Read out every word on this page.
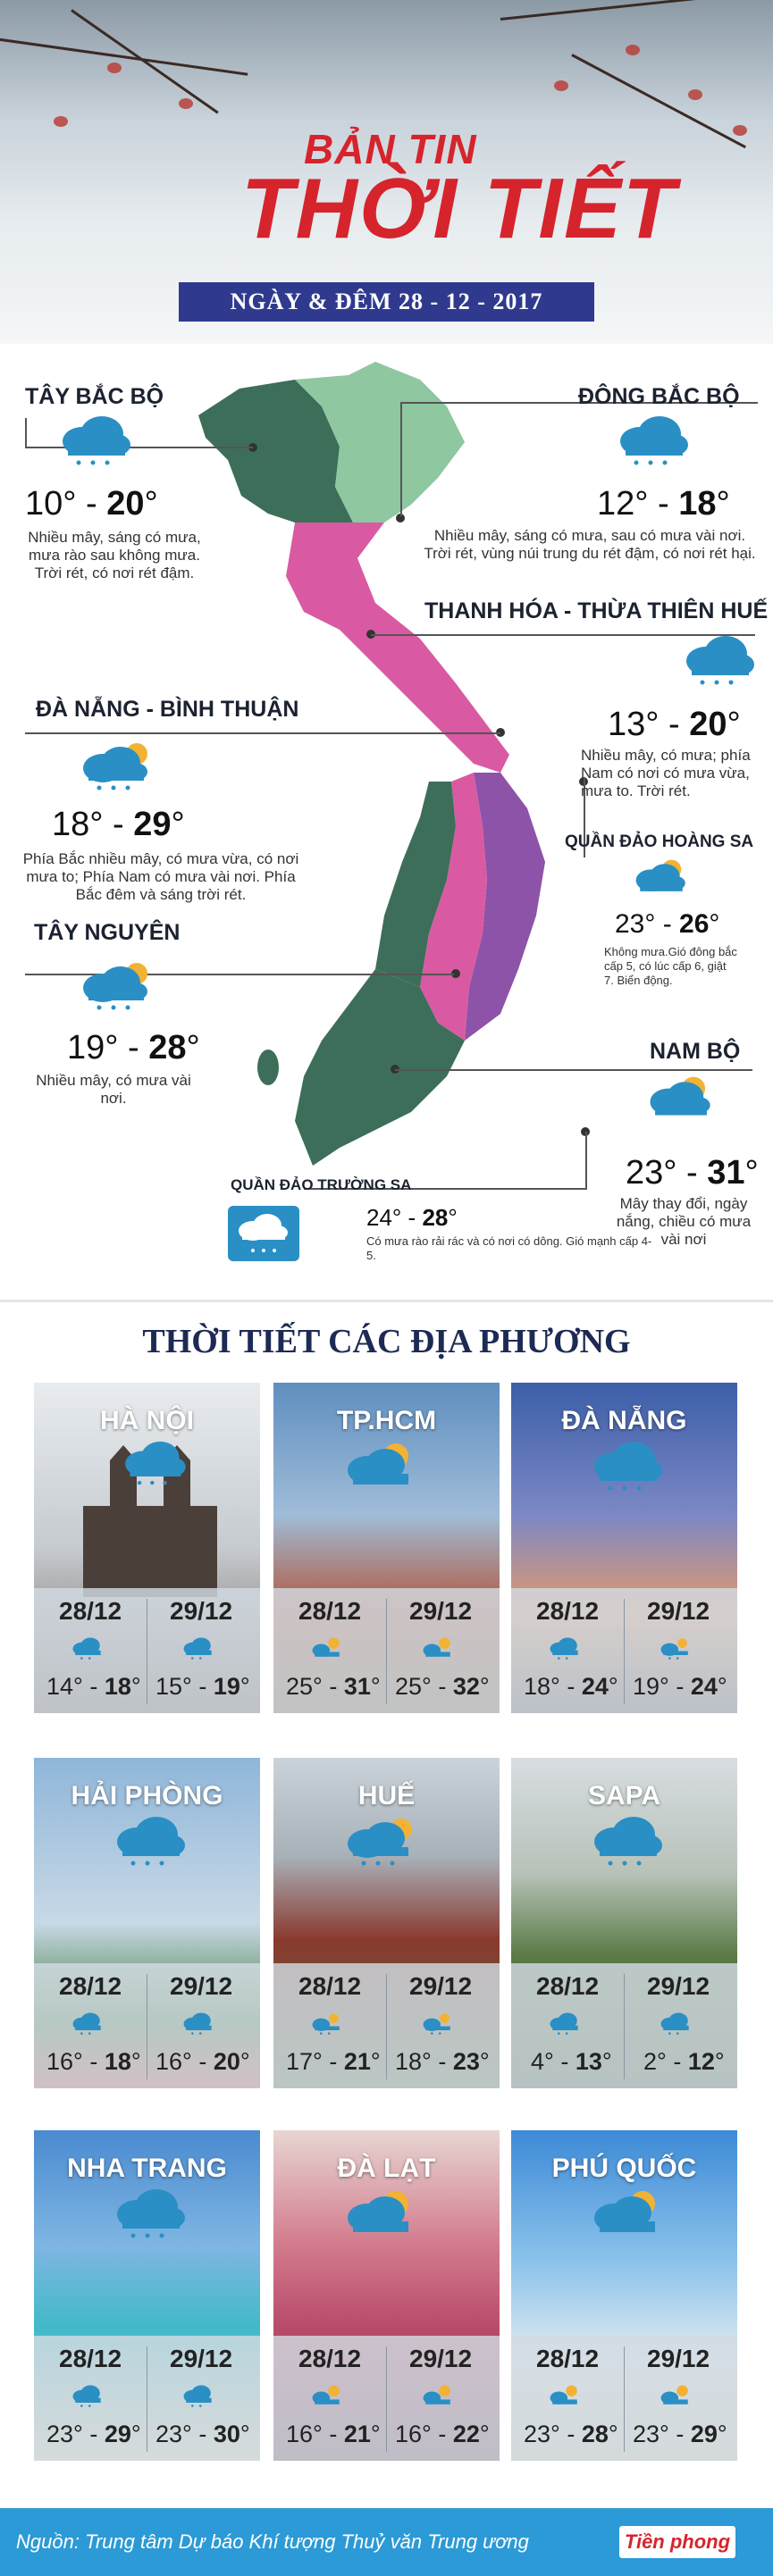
BẢN TIN
THỜI TIẾT
NGÀY & ĐÊM 28 - 12 - 2017
TÂY BẮC BỘ
10° - 20°
Nhiều mây, sáng có mưa, mưa rào sau không mưa. Trời rét, có nơi rét đậm.
ĐÔNG BẮC BỘ
12° - 18°
Nhiều mây, sáng có mưa, sau có mưa vài nơi. Trời rét, vùng núi trung du rét đậm, có nơi rét hại.
THANH HÓA - THỪA THIÊN HUẾ
13° - 20°
Nhiều mây, có mưa; phía Nam có nơi có mưa vừa, mưa to. Trời rét.
ĐÀ NẴNG - BÌNH THUẬN
18° - 29°
Phía Bắc nhiều mây, có mưa vừa, có nơi mưa to; Phía Nam có mưa vài nơi. Phía Bắc đêm và sáng trời rét.
QUẦN ĐẢO HOÀNG SA
23° - 26°
Không mưa.Gió đông bắc cấp 5, có lúc cấp 6, giật 7. Biển động.
TÂY NGUYÊN
19° - 28°
Nhiều mây, có mưa vài nơi.
NAM BỘ
23° - 31°
Mây thay đổi, ngày nắng, chiều có mưa vài nơi
QUẦN ĐẢO TRƯỜNG SA
24° - 28°
Có mưa rào rải rác và có nơi có dông. Gió mạnh cấp 4-5.
THỜI TIẾT CÁC ĐỊA PHƯƠNG
HÀ NỘI
28/12 29/12
14° - 18° 15° - 19°
TP.HCM
28/12 29/12
25° - 31° 25° - 32°
ĐÀ NẴNG
28/12 29/12
18° - 24° 19° - 24°
HẢI PHÒNG
28/12 29/12
16° - 18° 16° - 20°
HUẾ
28/12 29/12
17° - 21° 18° - 23°
SAPA
28/12 29/12
4° - 13° 2° - 12°
NHA TRANG
28/12 29/12
23° - 29° 23° - 30°
ĐÀ LẠT
28/12 29/12
16° - 21° 16° - 22°
PHÚ QUỐC
28/12 29/12
23° - 28° 23° - 29°
Nguồn: Trung tâm Dự báo Khí tượng Thuỷ văn Trung ương	Tiền phong
